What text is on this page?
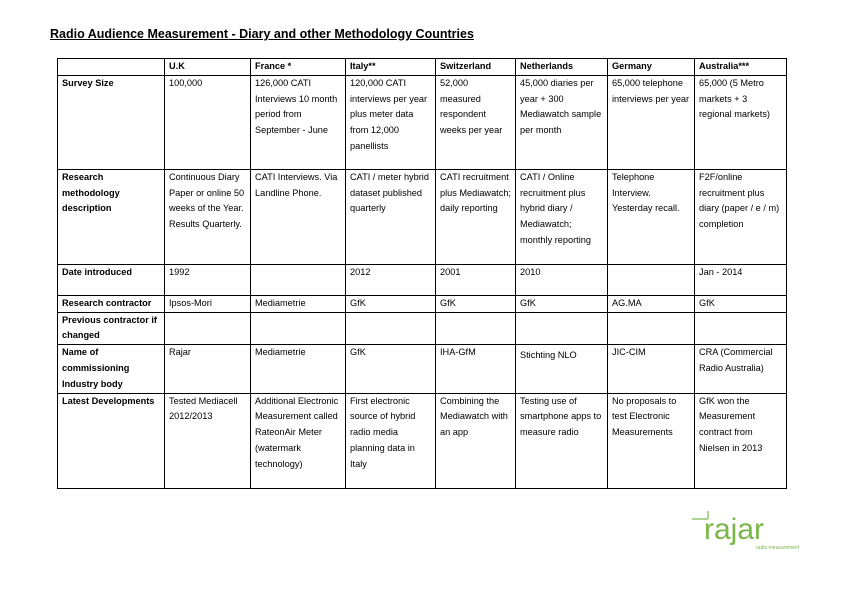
Radio Audience Measurement - Diary and other Methodology Countries
	U.K	France *	Italy**	Switzerland	Netherlands	Germany	Australia***
Survey Size	100,000	126,000 CATI Interviews 10 month period from September - June	120,000 CATI interviews per year plus meter data from 12,000 panellists	52,000 measured respondent weeks per year	45,000 diaries per year + 300 Mediawatch sample per month	65,000 telephone interviews per year	65,000 (5 Metro markets + 3 regional markets)
Research methodology description	Continuous Diary Paper or online 50 weeks of the Year. Results Quarterly.	CATI Interviews. Via Landline Phone.	CATI / meter hybrid dataset published quarterly	CATI recruitment plus Mediawatch; daily reporting	CATI / Online recruitment plus hybrid diary / Mediawatch; monthly reporting	Telephone Interview. Yesterday recall.	F2F/online recruitment plus diary (paper / e / m) completion
Date introduced	1992		2012	2001	2010		Jan - 2014
Research contractor	Ipsos-Mori	Mediametrie	GfK	GfK	GfK	AG.MA	GfK
Previous contractor if changed							
Name of commissioning Industry body	Rajar	Mediametrie	GfK	IHA-GfM	Stichting NLO	JIC-CIM	CRA (Commercial Radio Australia)
Latest Developments	Tested Mediacell 2012/2013	Additional Electronic Measurement called RateonAir Meter (watermark technology)	First electronic source of hybrid radio media planning data in Italy	Combining the Mediawatch with an app	Testing use of smartphone apps to measure radio	No proposals to test Electronic Measurements	GfK won the Measurement contract from Nielsen in 2013
rajar
radio measurement
